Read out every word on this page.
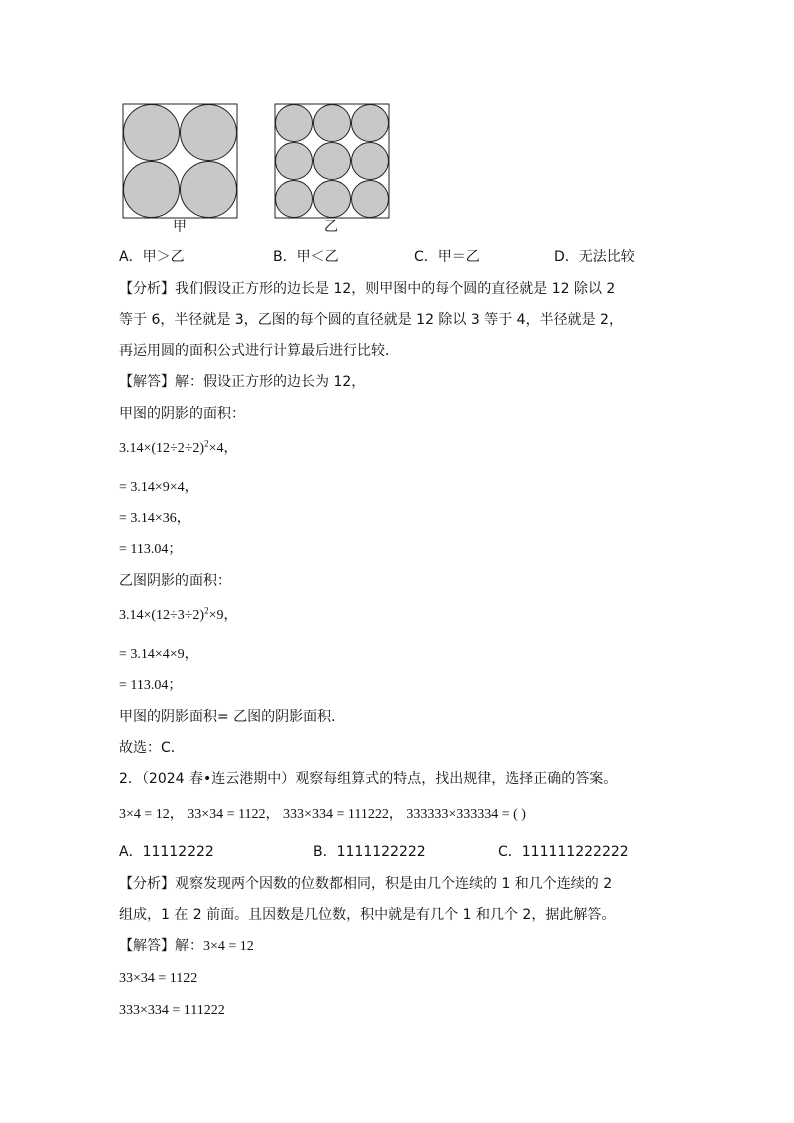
甲	乙
A．甲＞乙	B．甲＜乙	C．甲＝乙	D．无法比较
【分析】我们假设正方形的边长是 12，则甲图中的每个圆的直径就是 12 除以 2
等于 6，半径就是 3，乙图的每个圆的直径就是 12 除以 3 等于 4，半径就是 2，
再运用圆的面积公式进行计算最后进行比较．
【解答】解：假设正方形的边长为 12，
甲图的阴影的面积：
$3.14\times(12\div 2\div 2)^2\times 4$，
= 3.14×9×4，
= 3.14×36，
= 113.04；
乙图阴影的面积：
$3.14\times(12\div 3\div 2)^2\times 9$，
= 3.14×4×9，
= 113.04；
甲图的阴影面积= 乙图的阴影面积．
故选：C．
2．（2024 春•连云港期中）观察每组算式的特点，找出规律，选择正确的答案。
3×4 = 12， 33×34 = 1122， 333×334 = 111222， 333333×333334 = ( )
A．11112222	B．1111122222	C．111111222222
【分析】观察发现两个因数的位数都相同，积是由几个连续的 1 和几个连续的 2
组成，1 在 2 前面。且因数是几位数，积中就是有几个 1 和几个 2，据此解答。
【解答】解：3×4 = 12
33×34 = 1122
333×334 = 111222
